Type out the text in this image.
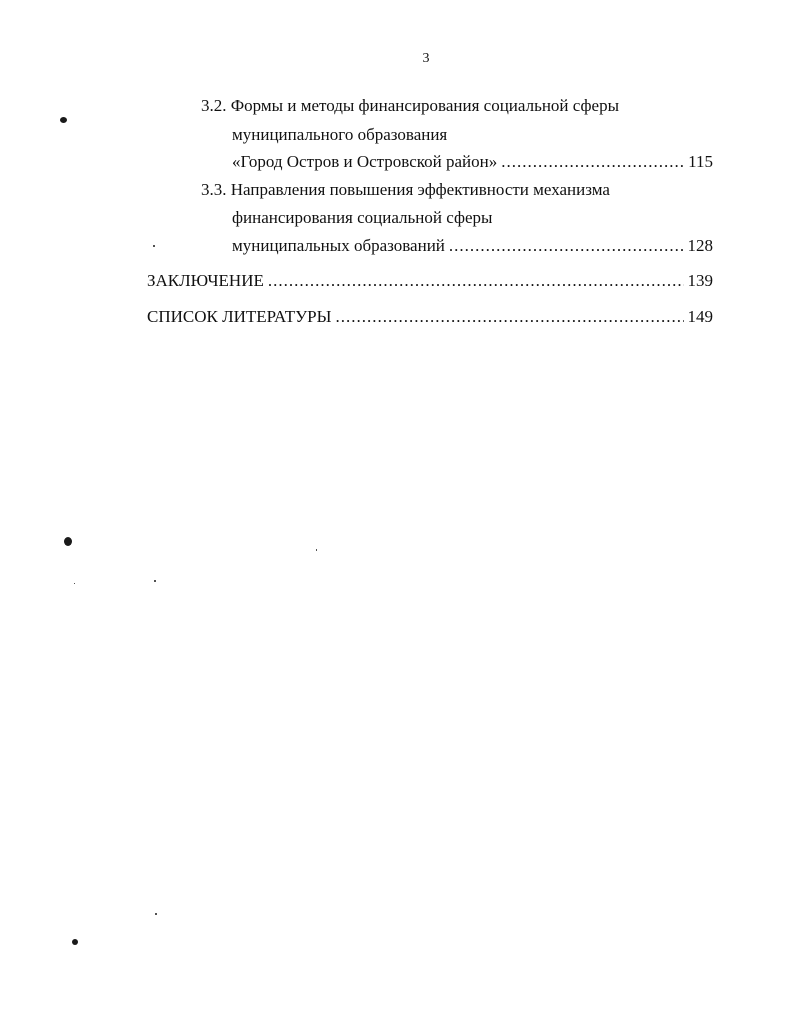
3
3.2. Формы и методы финансирования социальной сферы
муниципального образования
«Город Остров и Островской район» .....	115
3.3. Направления повышения эффективности механизма
финансирования социальной сферы
муниципальных образований .....	128
ЗАКЛЮЧЕНИЕ .....	139
СПИСОК ЛИТЕРАТУРЫ .....	149
